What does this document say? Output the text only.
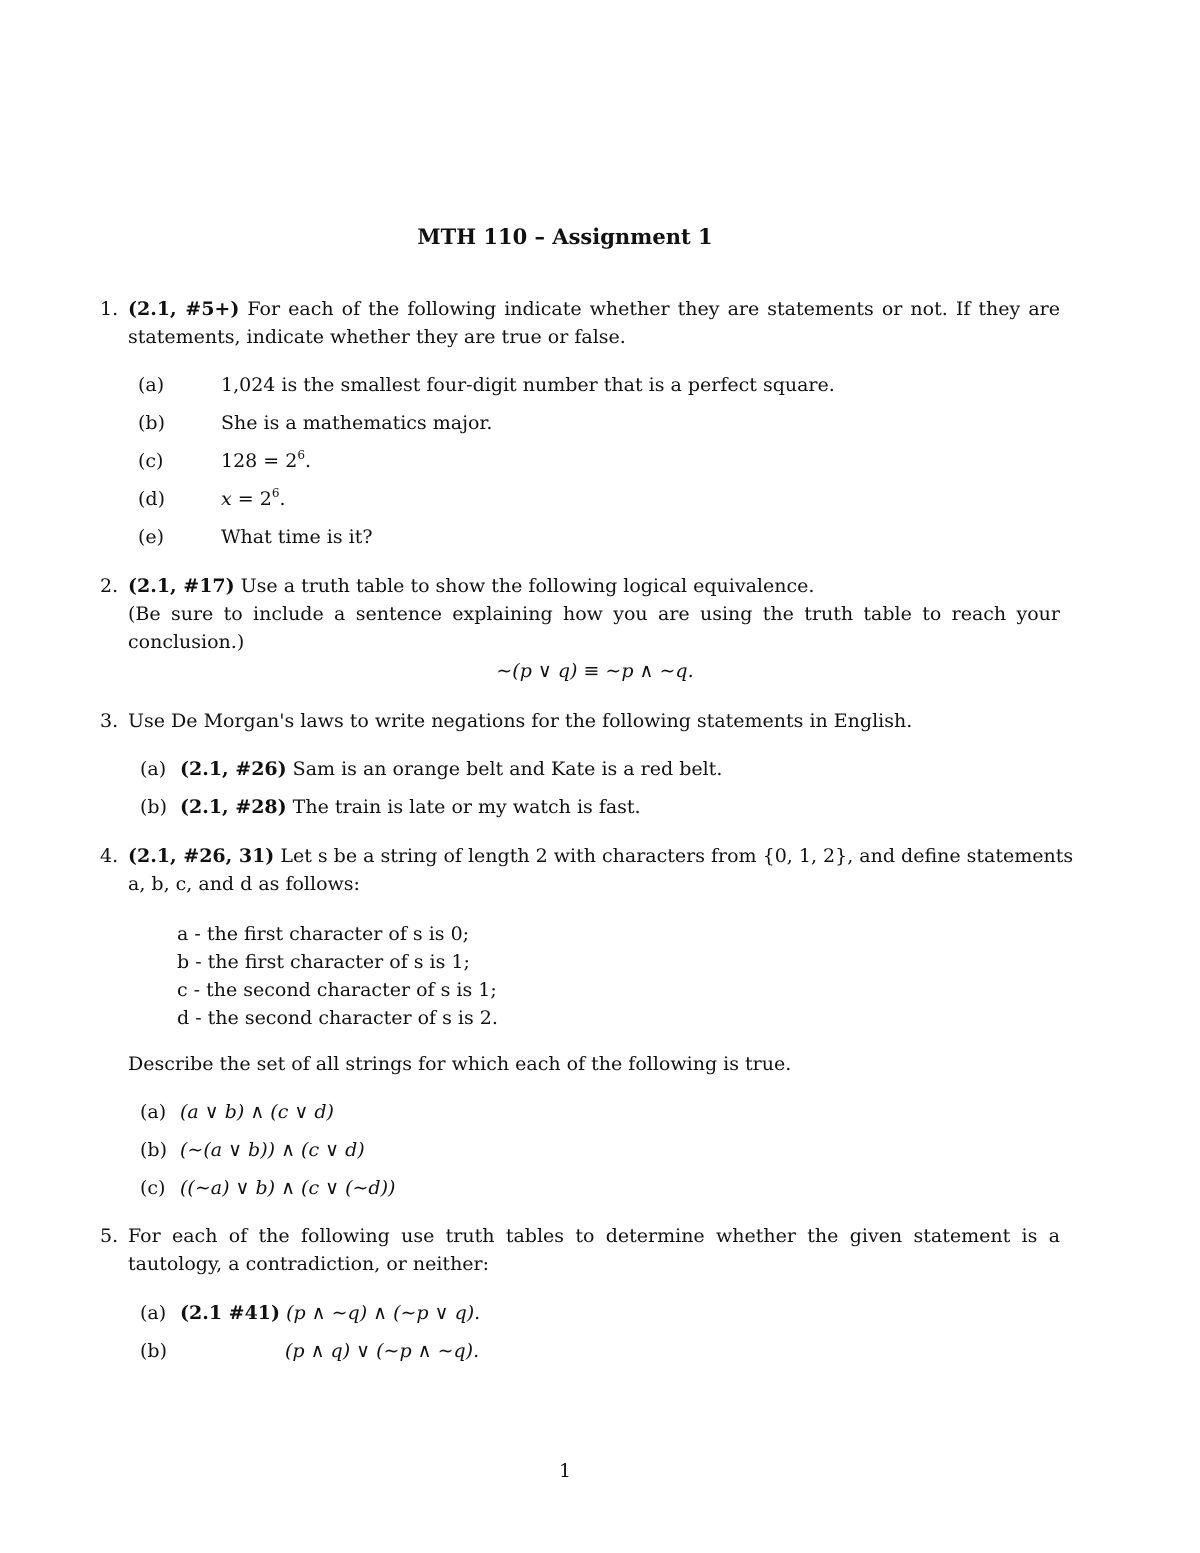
MTH 110 – Assignment 1
1. (2.1, #5+) For each of the following indicate whether they are statements or not. If they are
statements, indicate whether they are true or false.
(a)	1,024 is the smallest four-digit number that is a perfect square.
(b)	She is a mathematics major.
(c)	$128 = 2^6$.
(d)	$x = 2^6$.
(e)	What time is it?
2. (2.1, #17) Use a truth table to show the following logical equivalence.
(Be sure to include a sentence explaining how you are using the truth table to reach your
conclusion.)
∼(p ∨ q) ≡ ∼p ∧ ∼q.
3. Use De Morgan's laws to write negations for the following statements in English.
(a) (2.1, #26) Sam is an orange belt and Kate is a red belt.
(b) (2.1, #28) The train is late or my watch is fast.
4. (2.1, #26, 31) Let s be a string of length 2 with characters from {0, 1, 2}, and define statements
a, b, c, and d as follows:
a - the first character of s is 0;
b - the first character of s is 1;
c - the second character of s is 1;
d - the second character of s is 2.
Describe the set of all strings for which each of the following is true.
(a) (a ∨ b) ∧ (c ∨ d)
(b) (∼(a ∨ b)) ∧ (c ∨ d)
(c) ((∼a) ∨ b) ∧ (c ∨ (∼d))
5. For each of the following use truth tables to determine whether the given statement is a
tautology, a contradiction, or neither:
(a) (2.1 #41) (p ∧ ∼q) ∧ (∼p ∨ q).
(b)	(p ∧ q) ∨ (∼p ∧ ∼q).
1
